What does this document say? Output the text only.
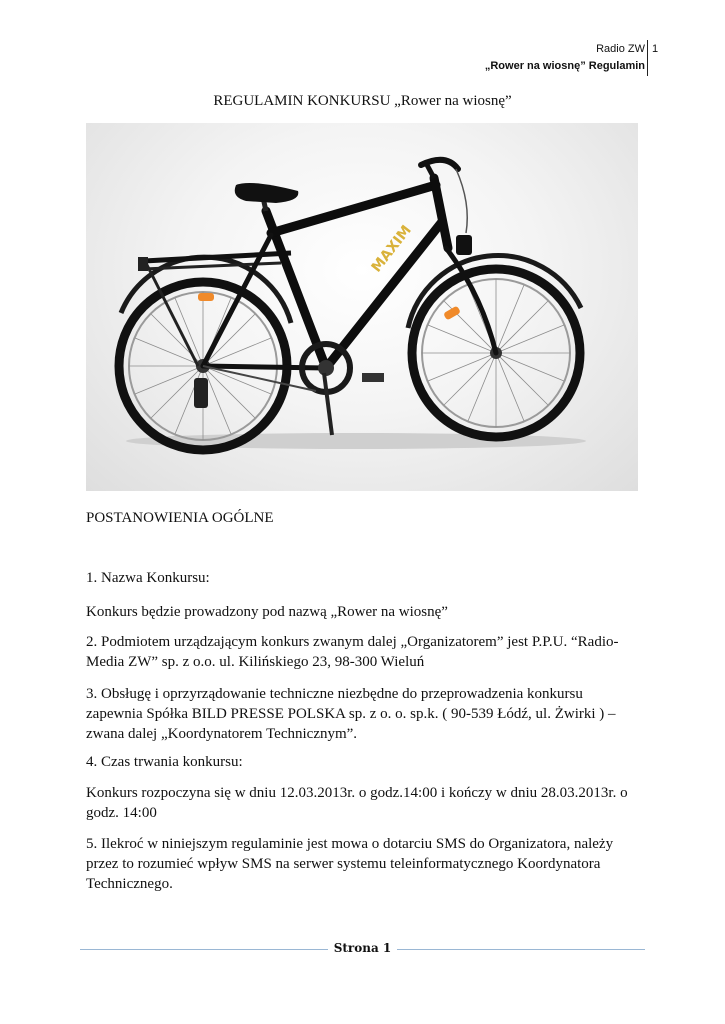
Radio ZW
„Rower na wiosnę” Regulamin
1
REGULAMIN KONKURSU „Rower na wiosnę”
MAXIM
POSTANOWIENIA OGÓLNE
1. Nazwa Konkursu:
Konkurs będzie prowadzony pod nazwą „Rower na wiosnę”
2. Podmiotem urządzającym konkurs zwanym dalej „Organizatorem” jest P.P.U. “Radio-Media ZW” sp. z o.o. ul. Kilińskiego 23, 98-300 Wieluń
3. Obsługę i oprzyrządowanie techniczne niezbędne do przeprowadzenia konkursu zapewnia Spółka BILD PRESSE POLSKA sp. z o. o. sp.k. ( 90-539 Łódź, ul. Żwirki ) – zwana dalej „Koordynatorem Technicznym”.
4. Czas trwania konkursu:
Konkurs rozpoczyna się w dniu 12.03.2013r. o godz.14:00 i kończy w dniu 28.03.2013r. o godz. 14:00
5. Ilekroć w niniejszym regulaminie jest mowa o dotarciu SMS do Organizatora, należy przez to rozumieć wpływ SMS na serwer systemu teleinformatycznego Koordynatora Technicznego.
Strona 1
